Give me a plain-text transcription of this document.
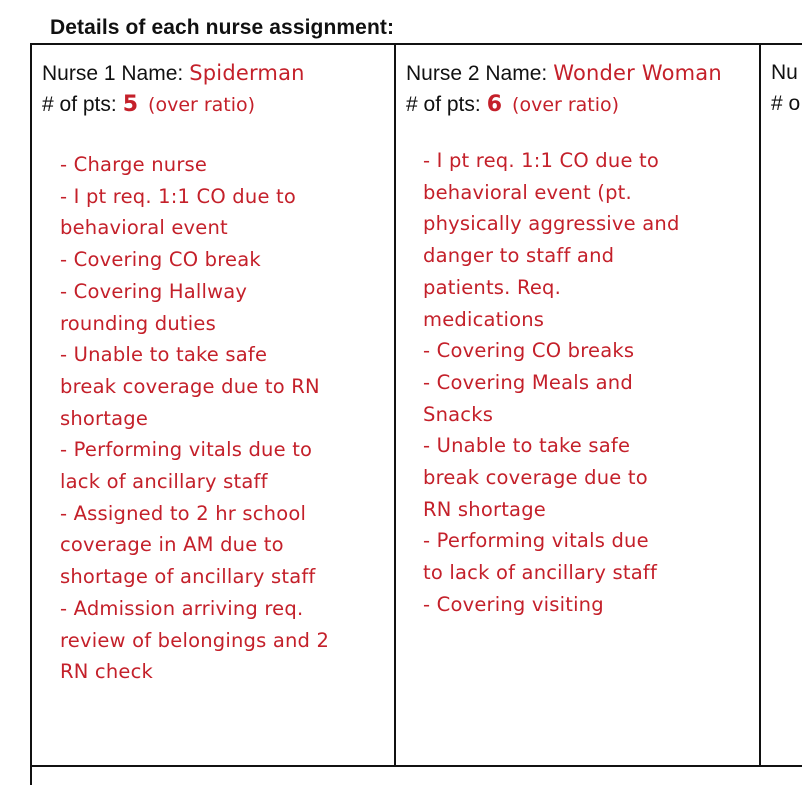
Details of each nurse assignment:
Nurse 1 Name: Spiderman
# of pts: 5 (over ratio)
- Charge nurse
- I pt req. 1:1 CO due to
behavioral event
- Covering CO break
- Covering Hallway
rounding duties
- Unable to take safe
break coverage due to RN
shortage
- Performing vitals due to
lack of ancillary staff
- Assigned to 2 hr school
coverage in AM due to
shortage of ancillary staff
- Admission arriving req.
review of belongings and 2
RN check
Nurse 2 Name: Wonder Woman
# of pts: 6 (over ratio)
- I pt req. 1:1 CO due to
behavioral event (pt.
physically aggressive and
danger to staff and
patients. Req.
medications
- Covering CO breaks
- Covering Meals and
Snacks
- Unable to take safe
break coverage due to
RN shortage
- Performing vitals due
to lack of ancillary staff
- Covering visiting
Nu
# o
